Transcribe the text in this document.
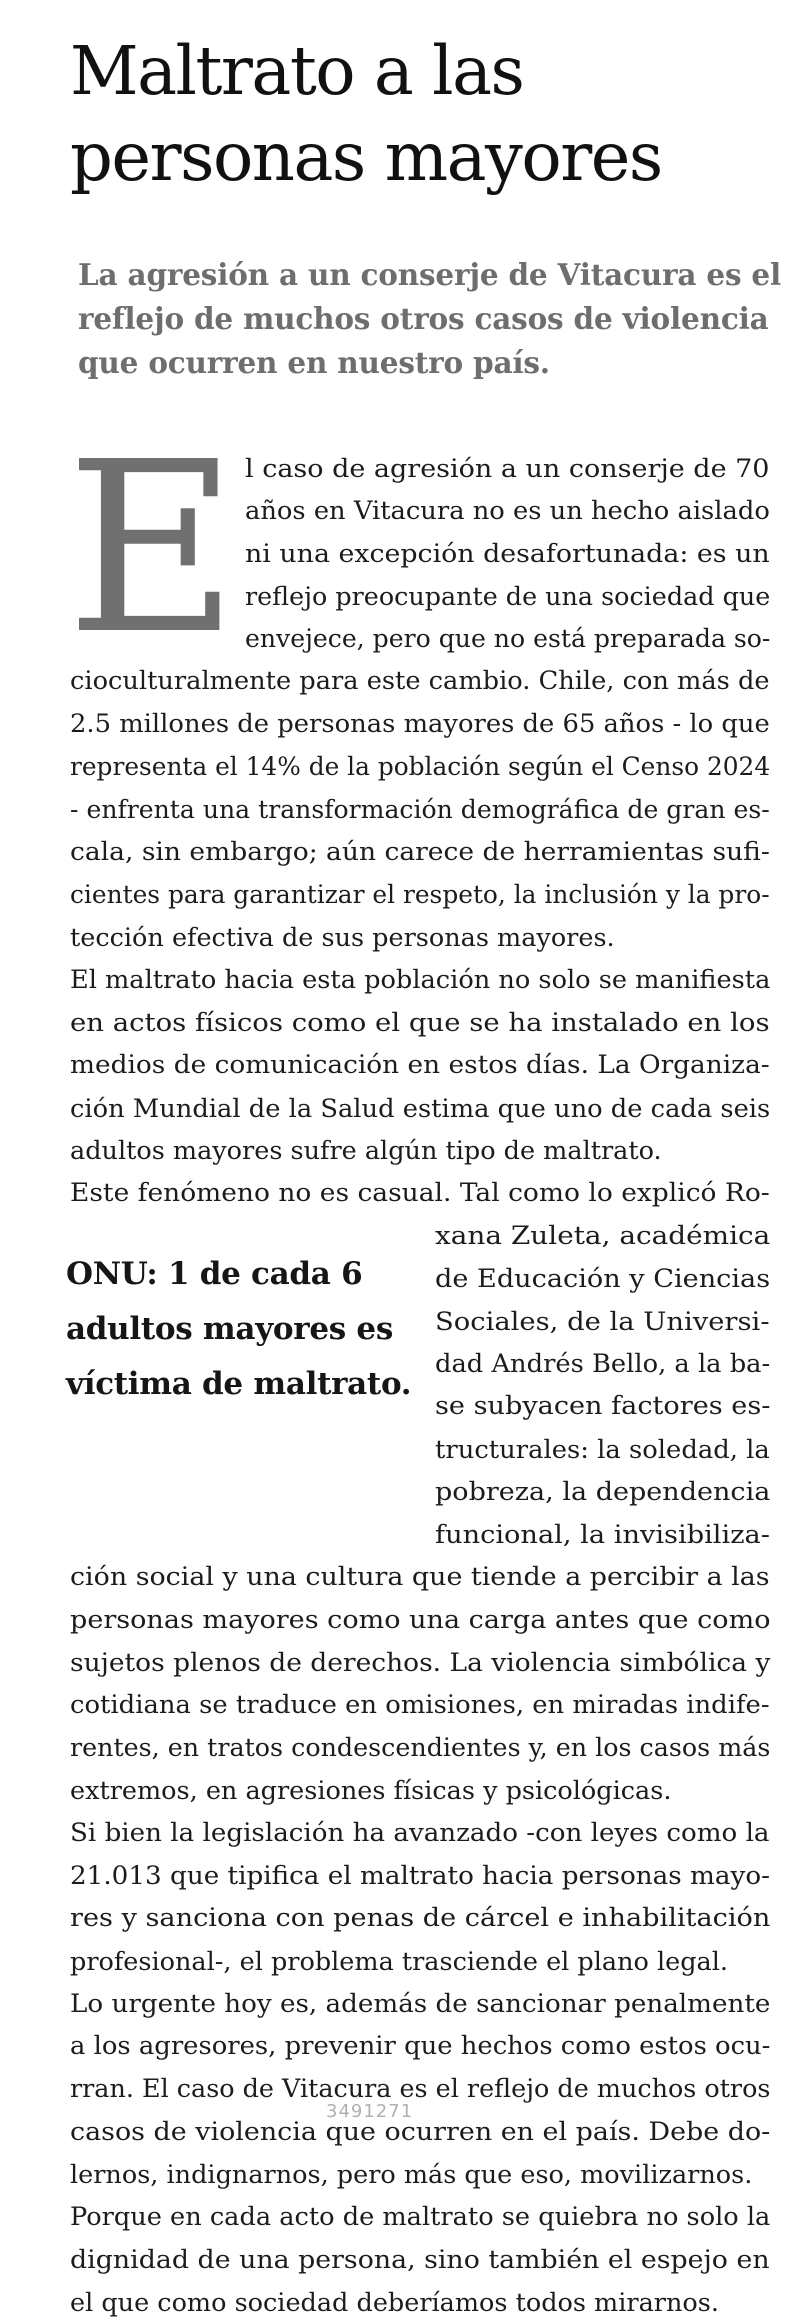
Maltrato a las
personas mayores
La agresión a un conserje de Vitacura es el
reflejo de muchos otros casos de violencia
que ocurren en nuestro país.
E l caso de agresión a un conserje de 70
años en Vitacura no es un hecho aislado
ni una excepción desafortunada: es un
reflejo preocupante de una sociedad que
envejece, pero que no está preparada so-
cioculturalmente para este cambio. Chile, con más de
2.5 millones de personas mayores de 65 años - lo que
representa el 14% de la población según el Censo 2024
- enfrenta una transformación demográfica de gran es-
cala, sin embargo; aún carece de herramientas sufi-
cientes para garantizar el respeto, la inclusión y la pro-
tección efectiva de sus personas mayores.
El maltrato hacia esta población no solo se manifiesta
en actos físicos como el que se ha instalado en los
medios de comunicación en estos días. La Organiza-
ción Mundial de la Salud estima que uno de cada seis
adultos mayores sufre algún tipo de maltrato.
Este fenómeno no es casual. Tal como lo explicó Ro-
xana Zuleta, académica
de Educación y Ciencias
Sociales, de la Universi-
dad Andrés Bello, a la ba-
se subyacen factores es-
tructurales: la soledad, la
pobreza, la dependencia
funcional, la invisibiliza-
ción social y una cultura que tiende a percibir a las
personas mayores como una carga antes que como
sujetos plenos de derechos. La violencia simbólica y
cotidiana se traduce en omisiones, en miradas indife-
rentes, en tratos condescendientes y, en los casos más
extremos, en agresiones físicas y psicológicas.
Si bien la legislación ha avanzado -con leyes como la
21.013 que tipifica el maltrato hacia personas mayo-
res y sanciona con penas de cárcel e inhabilitación
profesional-, el problema trasciende el plano legal.
Lo urgente hoy es, además de sancionar penalmente
a los agresores, prevenir que hechos como estos ocu-
rran. El caso de Vitacura es el reflejo de muchos otros
casos de violencia que ocurren en el país. Debe do-
lernos, indignarnos, pero más que eso, movilizarnos.
Porque en cada acto de maltrato se quiebra no solo la
dignidad de una persona, sino también el espejo en
el que como sociedad deberíamos todos mirarnos.
ONU: 1 de cada 6
adultos mayores es
víctima de maltrato.
3491271
